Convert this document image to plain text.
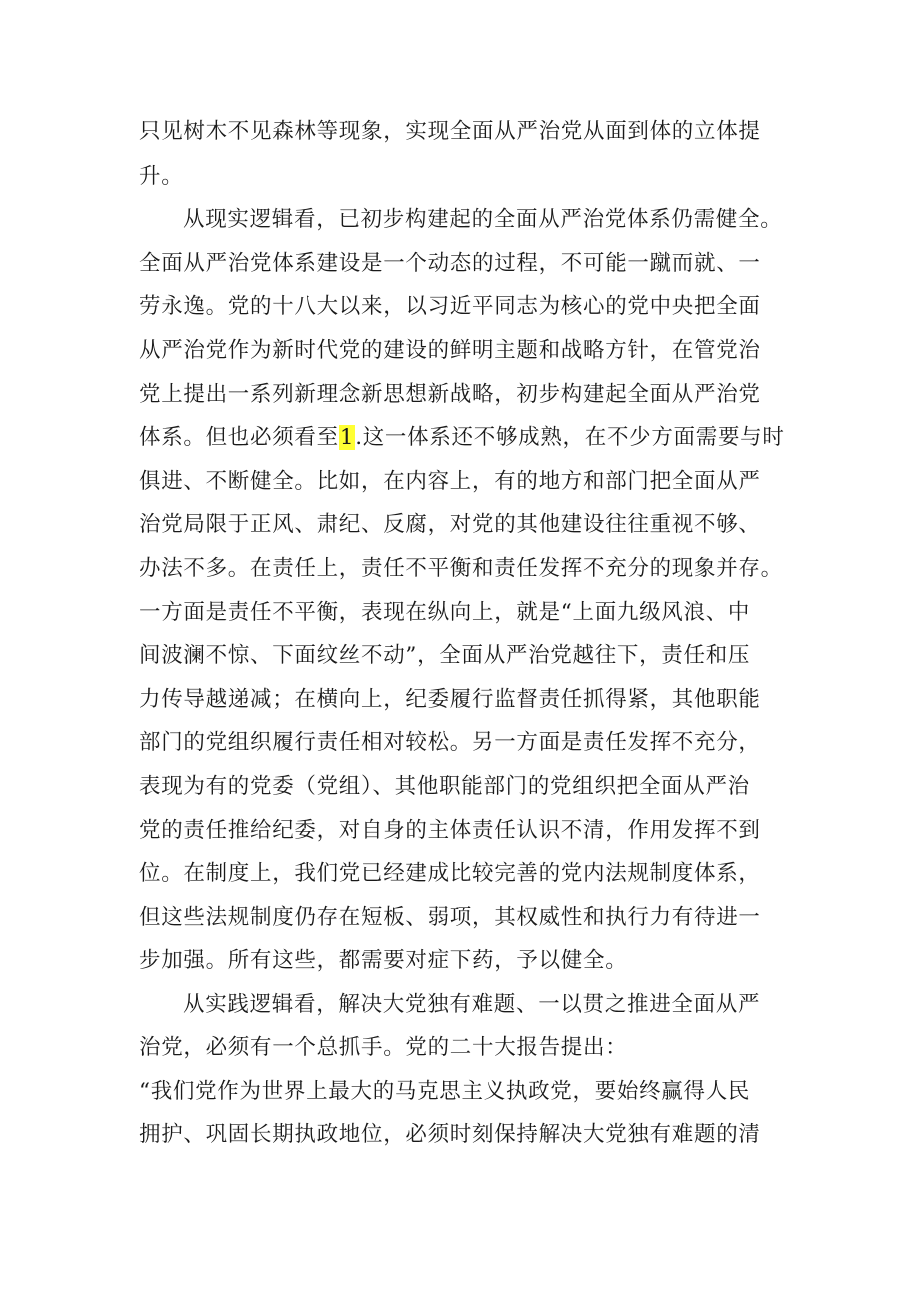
只见树木不见森林等现象，实现全面从严治党从面到体的立体提
升。
从现实逻辑看，已初步构建起的全面从严治党体系仍需健全。
全面从严治党体系建设是一个动态的过程，不可能一蹴而就、一
劳永逸。党的十八大以来，以习近平同志为核心的党中央把全面
从严治党作为新时代党的建设的鲜明主题和战略方针，在管党治
党上提出一系列新理念新思想新战略，初步构建起全面从严治党
体系。但也必须看至1.这一体系还不够成熟，在不少方面需要与时
俱进、不断健全。比如，在内容上，有的地方和部门把全面从严
治党局限于正风、肃纪、反腐，对党的其他建设往往重视不够、
办法不多。在责任上，责任不平衡和责任发挥不充分的现象并存。
一方面是责任不平衡，表现在纵向上，就是“上面九级风浪、中
间波澜不惊、下面纹丝不动”，全面从严治党越往下，责任和压
力传导越递减；在横向上，纪委履行监督责任抓得紧，其他职能
部门的党组织履行责任相对较松。另一方面是责任发挥不充分，
表现为有的党委（党组）、其他职能部门的党组织把全面从严治
党的责任推给纪委，对自身的主体责任认识不清，作用发挥不到
位。在制度上，我们党已经建成比较完善的党内法规制度体系，
但这些法规制度仍存在短板、弱项，其权威性和执行力有待进一
步加强。所有这些，都需要对症下药，予以健全。
从实践逻辑看，解决大党独有难题、一以贯之推进全面从严
治党，必须有一个总抓手。党的二十大报告提出：
“我们党作为世界上最大的马克思主义执政党，要始终赢得人民
拥护、巩固长期执政地位，必须时刻保持解决大党独有难题的清
